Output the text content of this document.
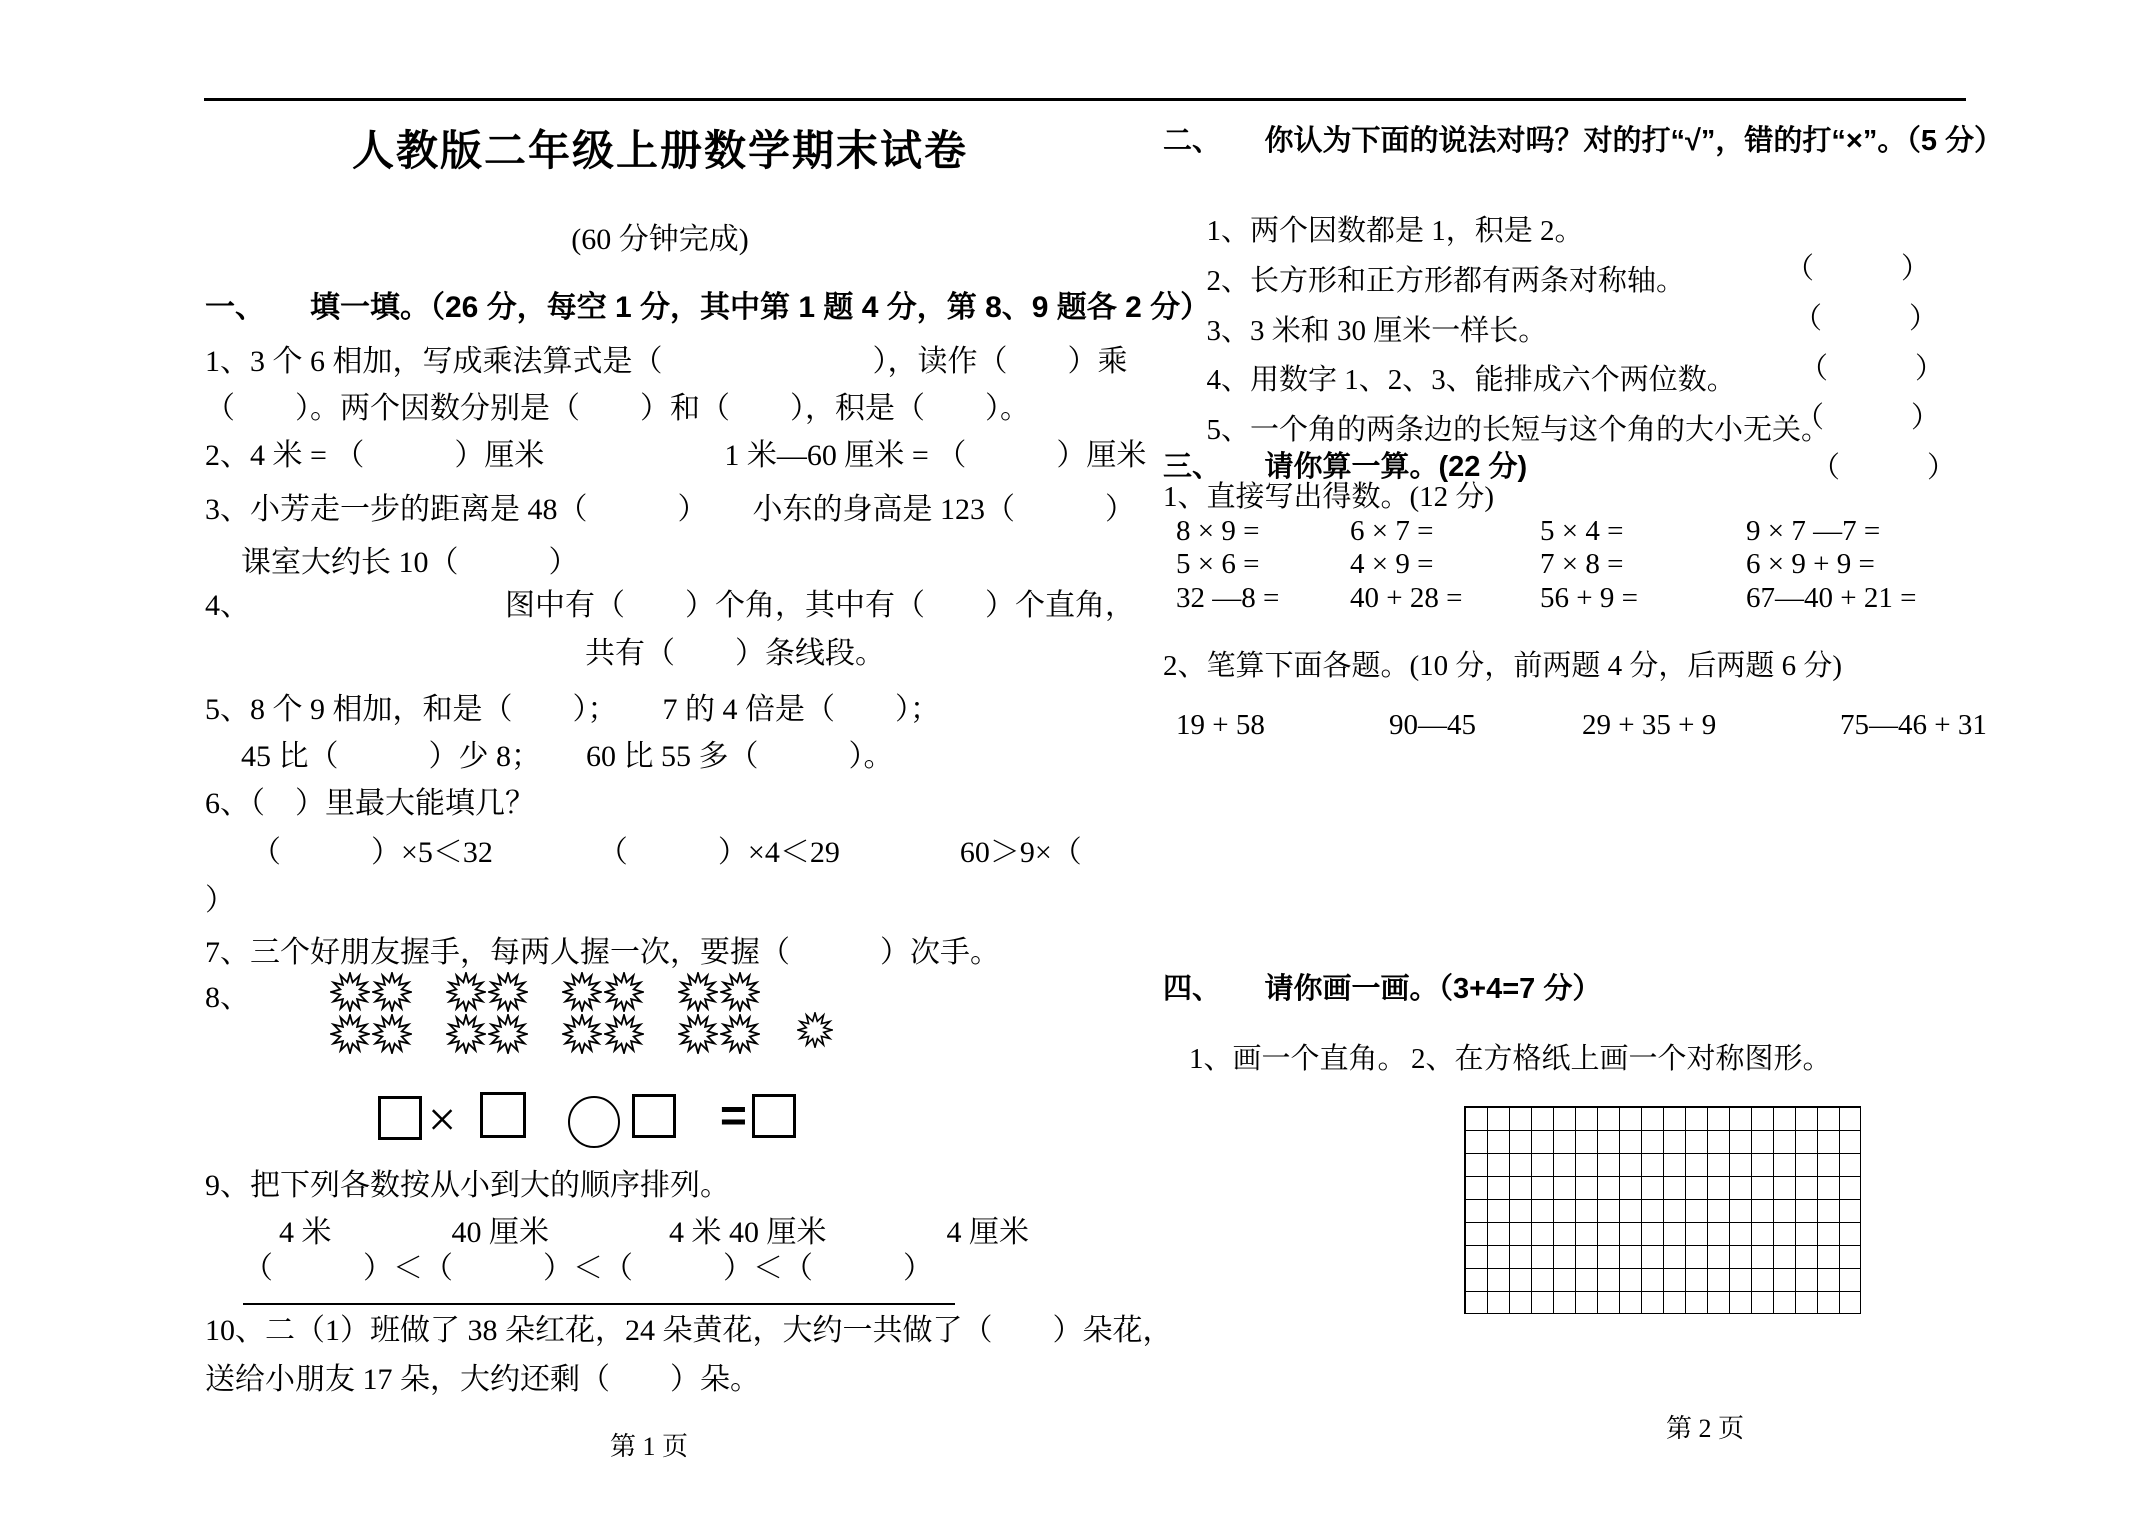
人教版二年级上册数学期末试卷
(60 分钟完成)
一、　　填一填。（26 分，每空 1 分，其中第 1 题 4 分，第 8、9 题各 2 分）
1、3 个 6 相加，写成乘法算式是（　　　　　　　），读作（　　）乘
（　　）。两个因数分别是（　　）和（　　），积是（　　）。
2、4 米 = （　　　）厘米　　　　　　1 米—60 厘米 = （　　　）厘米
3、小芳走一步的距离是 48（　　　）　　小东的身高是 123（　　　）
课室大约长 10（　　　）
4、　　　　　　　　　图中有（　　）个角，其中有（　　）个直角，
共有（　　）条线段。
5、8 个 9 相加，和是（　　）；　　7 的 4 倍是（　　）；
45 比（　　　）少 8；　　60 比 55 多（　　　）。
6、（　）里最大能填几？
（　　　）×5＜32　　　　（　　　）×4＜29　　　　60＞9×（
）
7、三个好朋友握手，每两人握一次，要握（　　　）次手。
8、

×

	=

9、把下列各数按从小到大的顺序排列。
4 米　　　　40 厘米　　　　4 米 40 厘米　　　　4 厘米
（　　　）＜（　　　）＜（　　　）＜（　　　）
10、二（1）班做了 38 朵红花，24 朵黄花，大约一共做了（　　）朵花，
送给小朋友 17 朵，大约还剩（　　）朵。
第 1 页
二、　　你认为下面的说法对吗？对的打“√”，错的打“×”。（5 分）

1、两个因数都是 1，积是 2。

（　　　）

2、长方形和正方形都有两条对称轴。

（　　　）

3、3 米和 30 厘米一样长。

（　　　）

4、用数字 1、2、3、能排成六个两位数。

（　　　）

5、一个角的两条边的长短与这个角的大小无关。

（　　　）

三、　　请你算一算。(22 分)
1、直接写出得数。(12 分)
8 × 9 =	6 × 7 =	5 × 4 =	9 × 7 —7 =
5 × 6 =	4 × 9 =	7 × 8 =	6 × 9 + 9 =
32 —8 = 40 + 28 =	56 + 9 =	67—40 + 21 =
2、笔算下面各题。(10 分，前两题 4 分，后两题 6 分)
19 + 58	90—45	29 + 35 + 9	75—46 + 31
四、　　请你画一画。（3+4=7 分）
1、画一个直角。 2、在方格纸上画一个对称图形。
第 2 页
